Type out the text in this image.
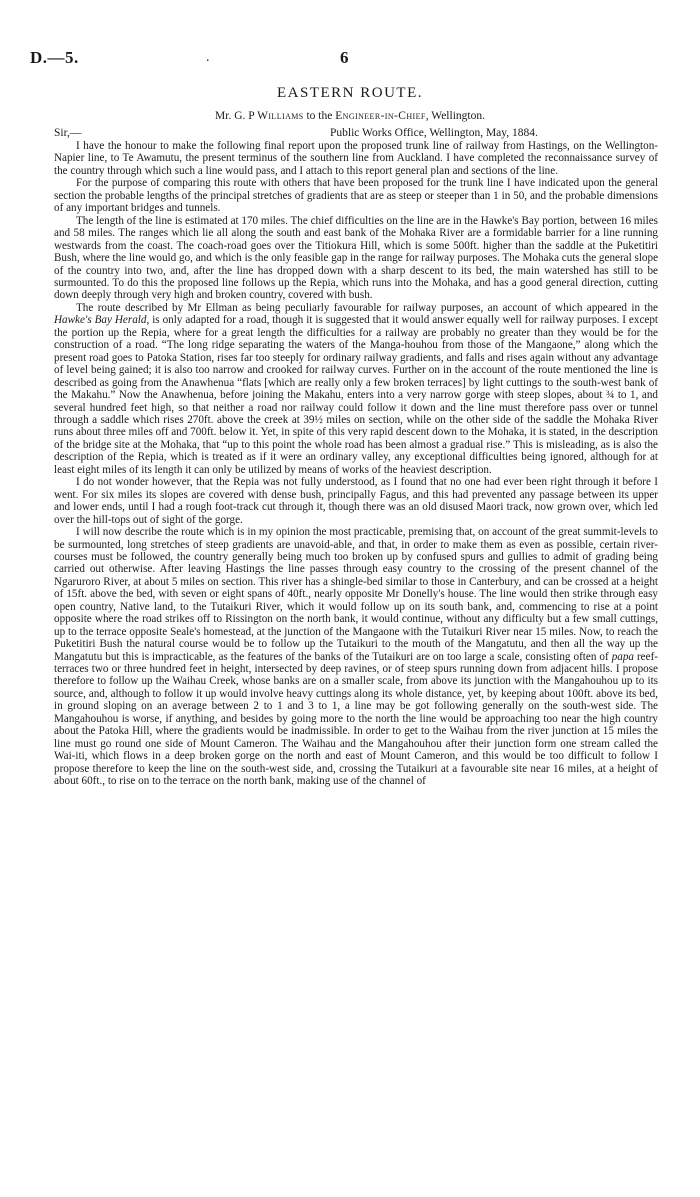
D.—5.	.	6
EASTERN ROUTE.
Mr. G. P Williams to the Engineer-in-Chief, Wellington.
Sir,—	Public Works Office, Wellington, May, 1884.

I have the honour to make the following final report upon the proposed trunk line of railway from Hastings, on the Wellington-Napier line, to Te Awamutu, the present terminus of the southern line from Auckland. I have completed the reconnaissance survey of the country through which such a line would pass, and I attach to this report general plan and sections of the line.

For the purpose of comparing this route with others that have been proposed for the trunk line I have indicated upon the general section the probable lengths of the principal stretches of gradients that are as steep or steeper than 1 in 50, and the probable dimensions of any important bridges and tunnels.

The length of the line is estimated at 170 miles. The chief difficulties on the line are in the Hawke's Bay portion, between 16 miles and 58 miles. The ranges which lie all along the south and east bank of the Mohaka River are a formidable barrier for a line running westwards from the coast. The coach-road goes over the Titiokura Hill, which is some 500ft. higher than the saddle at the Puketitiri Bush, where the line would go, and which is the only feasible gap in the range for railway purposes. The Mohaka cuts the general slope of the country into two, and, after the line has dropped down with a sharp descent to its bed, the main watershed has still to be surmounted. To do this the proposed line follows up the Repia, which runs into the Mohaka, and has a good general direction, cutting down deeply through very high and broken country, covered with bush.

The route described by Mr Ellman as being peculiarly favourable for railway purposes, an account of which appeared in the Hawke's Bay Herald, is only adapted for a road, though it is suggested that it would answer equally well for railway purposes. I except the portion up the Repia, where for a great length the difficulties for a railway are probably no greater than they would be for the construction of a road. “The long ridge separating the waters of the Manga-houhou from those of the Mangaone,” along which the present road goes to Patoka Station, rises far too steeply for ordinary railway gradients, and falls and rises again without any advantage of level being gained; it is also too narrow and crooked for railway curves. Further on in the account of the route mentioned the line is described as going from the Anawhenua “flats [which are really only a few broken terraces] by light cuttings to the south-west bank of the Makahu.” Now the Anawhenua, before joining the Makahu, enters into a very narrow gorge with steep slopes, about ¾ to 1, and several hundred feet high, so that neither a road nor railway could follow it down and the line must therefore pass over or tunnel through a saddle which rises 270ft. above the creek at 39½ miles on section, while on the other side of the saddle the Mohaka River runs about three miles off and 700ft. below it. Yet, in spite of this very rapid descent down to the Mohaka, it is stated, in the description of the bridge site at the Mohaka, that “up to this point the whole road has been almost a gradual rise.” This is misleading, as is also the description of the Repia, which is treated as if it were an ordinary valley, any exceptional difficulties being ignored, although for at least eight miles of its length it can only be utilized by means of works of the heaviest description.

I do not wonder however, that the Repia was not fully understood, as I found that no one had ever been right through it before I went. For six miles its slopes are covered with dense bush, principally Fagus, and this had prevented any passage between its upper and lower ends, until I had a rough foot-track cut through it, though there was an old disused Maori track, now grown over, which led over the hill-tops out of sight of the gorge.

I will now describe the route which is in my opinion the most practicable, premising that, on account of the great summit-levels to be surmounted, long stretches of steep gradients are unavoid-able, and that, in order to make them as even as possible, certain river-courses must be followed, the country generally being much too broken up by confused spurs and gullies to admit of grading being carried out otherwise. After leaving Hastings the line passes through easy country to the crossing of the present channel of the Ngaruroro River, at about 5 miles on section. This river has a shingle-bed similar to those in Canterbury, and can be crossed at a height of 15ft. above the bed, with seven or eight spans of 40ft., nearly opposite Mr Donelly's house. The line would then strike through easy open country, Native land, to the Tutaikuri River, which it would follow up on its south bank, and, commencing to rise at a point opposite where the road strikes off to Rissington on the north bank, it would continue, without any difficulty but a few small cuttings, up to the terrace opposite Seale's homestead, at the junction of the Mangaone with the Tutaikuri River near 15 miles. Now, to reach the Puketitiri Bush the natural course would be to follow up the Tutaikuri to the mouth of the Mangatutu, and then all the way up the Mangatutu but this is impracticable, as the features of the banks of the Tutaikuri are on too large a scale, consisting often of papa reef-terraces two or three hundred feet in height, intersected by deep ravines, or of steep spurs running down from adjacent hills. I propose therefore to follow up the Waihau Creek, whose banks are on a smaller scale, from above its junction with the Mangahouhou up to its source, and, although to follow it up would involve heavy cuttings along its whole distance, yet, by keeping about 100ft. above its bed, in ground sloping on an average between 2 to 1 and 3 to 1, a line may be got following generally on the south-west side. The Mangahouhou is worse, if anything, and besides by going more to the north the line would be approaching too near the high country about the Patoka Hill, where the gradients would be inadmissible. In order to get to the Waihau from the river junction at 15 miles the line must go round one side of Mount Cameron. The Waihau and the Mangahouhou after their junction form one stream called the Wai-iti, which flows in a deep broken gorge on the north and east of Mount Cameron, and this would be too difficult to follow I propose therefore to keep the line on the south-west side, and, crossing the Tutaikuri at a favourable site near 16 miles, at a height of about 60ft., to rise on to the terrace on the north bank, making use of the channel of
